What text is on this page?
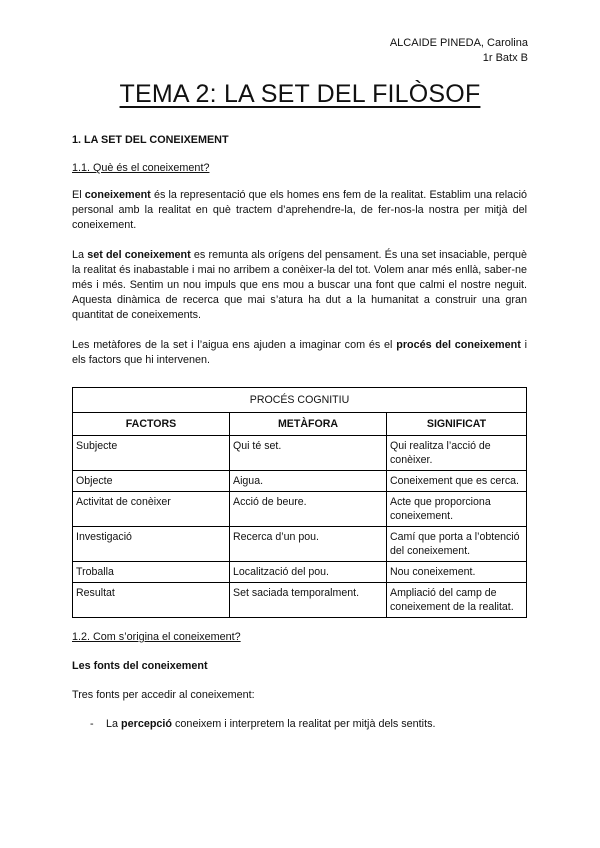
ALCAIDE PINEDA, Carolina
1r Batx B
TEMA 2: LA SET DEL FILÒSOF
1. LA SET DEL CONEIXEMENT
1.1. Què és el coneixement?

El coneixement és la representació que els homes ens fem de la realitat. Establim una relació personal amb la realitat en què tractem d’aprehendre-la, de fer-nos-la nostra per mitjà del coneixement.

La set del coneixement es remunta als orígens del pensament. És una set insaciable, perquè la realitat és inabastable i mai no arribem a conèixer-la del tot. Volem anar més enllà, saber-ne més i més. Sentim un nou impuls que ens mou a buscar una font que calmi el nostre neguit. Aquesta dinàmica de recerca que mai s’atura ha dut a la humanitat a construir una gran quantitat de coneixements.

Les metàfores de la set i l’aigua ens ajuden a imaginar com és el procés del coneixement i els factors que hi intervenen.

PROCÉS COGNITIU		
FACTORS	METÀFORA	SIGNIFICAT
Subjecte	Qui té set.	Qui realitza l’acció de conèixer.
Objecte	Aigua.	Coneixement que es cerca.
Activitat de conèixer	Acció de beure.	Acte que proporciona coneixement.
Investigació	Recerca d’un pou.	Camí que porta a l’obtenció del coneixement.
Troballa	Localització del pou.	Nou coneixement.
Resultat	Set saciada temporalment.	Ampliació del camp de coneixement de la realitat.
1.2. Com s’origina el coneixement?
Les fonts del coneixement
Tres fonts per accedir al coneixement:
- La percepció coneixem i interpretem la realitat per mitjà dels sentits.
